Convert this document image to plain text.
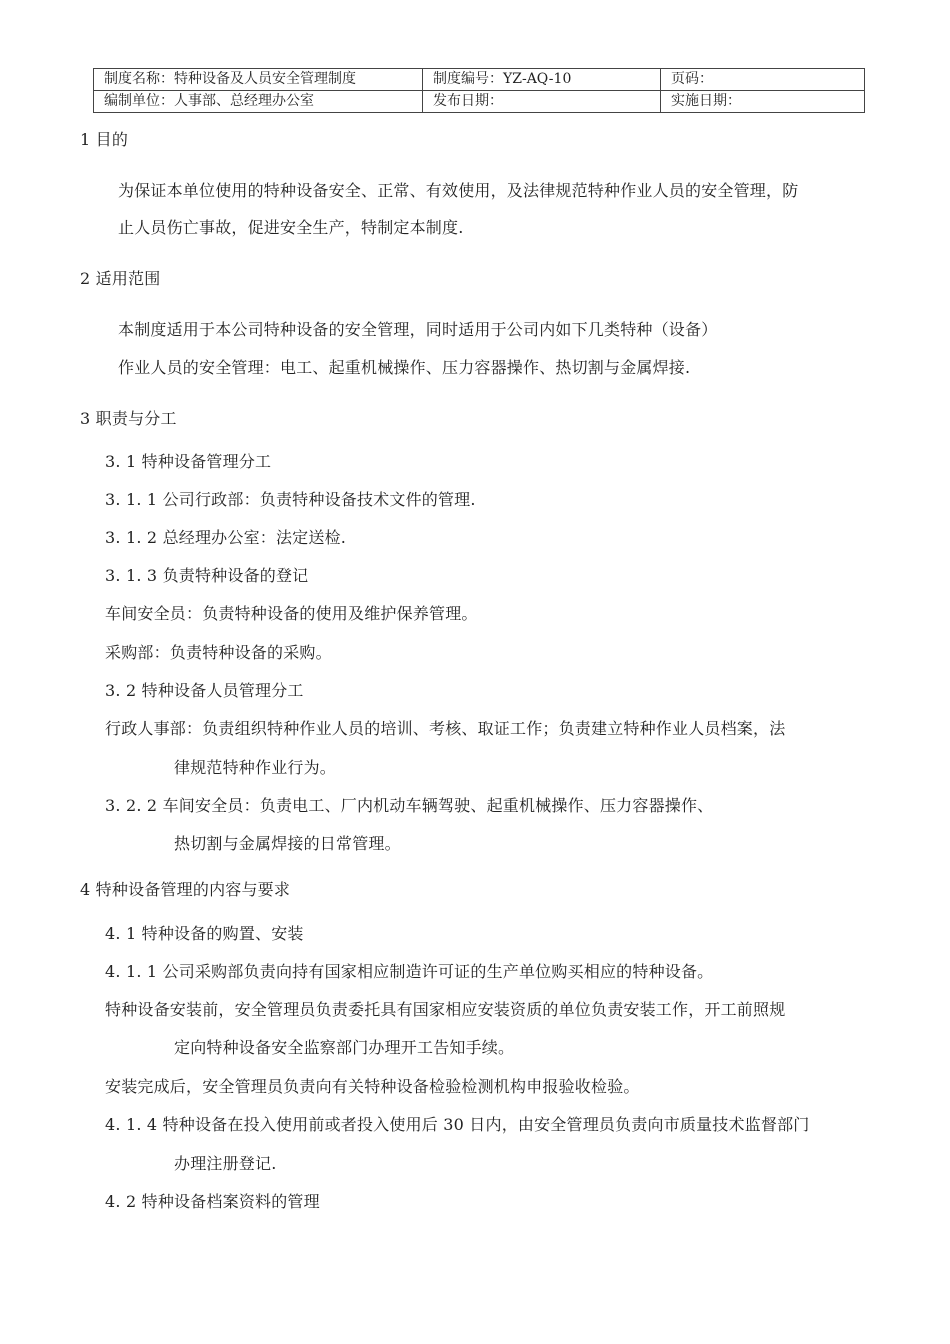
制度名称：特种设备及人员安全管理制度	制度编号：YZ-AQ-10	页码：
编制单位：人事部、总经理办公室	发布日期：	实施日期：
1 目的
为保证本单位使用的特种设备安全、正常、有效使用，及法律规范特种作业人员的安全管理，防
止人员伤亡事故，促进安全生产，特制定本制度.
2 适用范围
本制度适用于本公司特种设备的安全管理，同时适用于公司内如下几类特种（设备）
作业人员的安全管理：电工、起重机械操作、压力容器操作、热切割与金属焊接.
3 职责与分工
3. 1 特种设备管理分工
3. 1. 1 公司行政部：负责特种设备技术文件的管理.
3. 1. 2 总经理办公室：法定送检.
3. 1. 3 负责特种设备的登记
车间安全员：负责特种设备的使用及维护保养管理。
采购部：负责特种设备的采购。
3. 2 特种设备人员管理分工
行政人事部：负责组织特种作业人员的培训、考核、取证工作；负责建立特种作业人员档案，法
律规范特种作业行为。
3. 2. 2 车间安全员：负责电工、厂内机动车辆驾驶、起重机械操作、压力容器操作、
热切割与金属焊接的日常管理。
4 特种设备管理的内容与要求
4. 1 特种设备的购置、安装
4. 1. 1 公司采购部负责向持有国家相应制造许可证的生产单位购买相应的特种设备。
特种设备安装前，安全管理员负责委托具有国家相应安装资质的单位负责安装工作，开工前照规
定向特种设备安全监察部门办理开工告知手续。
安装完成后，安全管理员负责向有关特种设备检验检测机构申报验收检验。
4. 1. 4 特种设备在投入使用前或者投入使用后 30 日内，由安全管理员负责向市质量技术监督部门
办理注册登记.
4. 2 特种设备档案资料的管理
